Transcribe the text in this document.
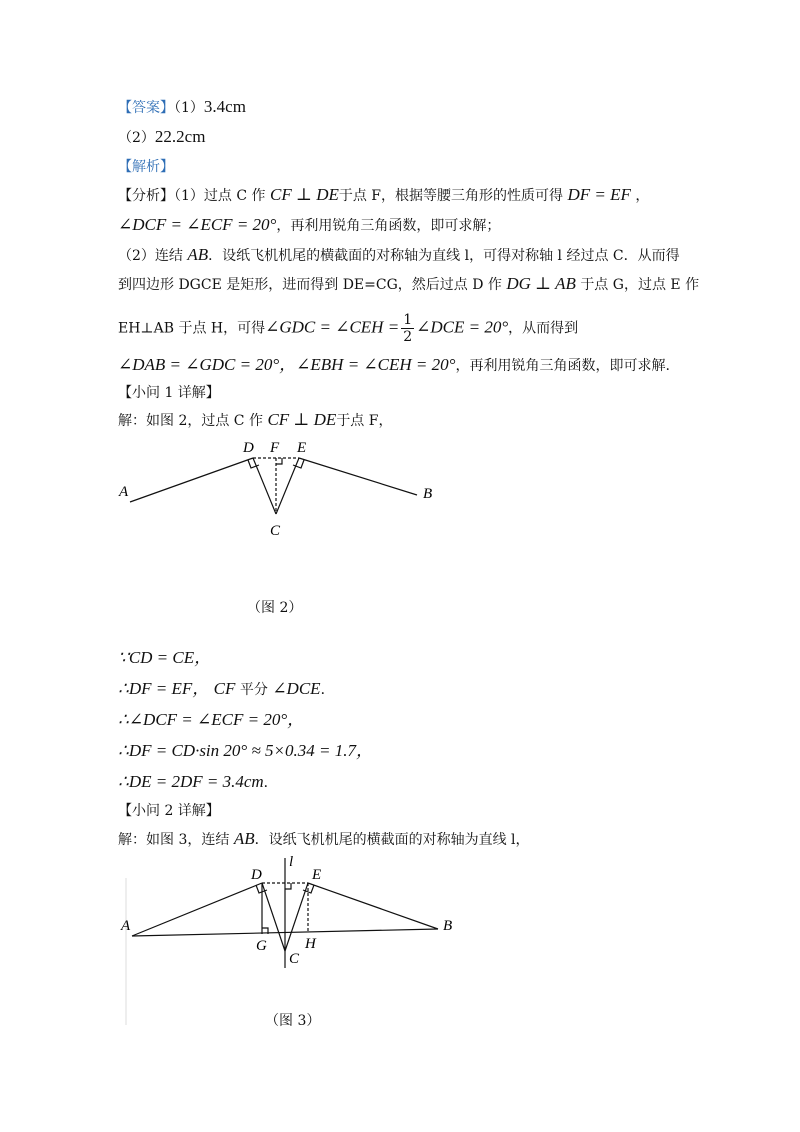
【答案】（1）3.4cm
（2）22.2cm
【解析】
【分析】（1）过点 C 作 CF ⊥ DE于点 F，根据等腰三角形的性质可得 DF = EF ，
∠DCF = ∠ECF = 20°，再利用锐角三角函数，即可求解；
（2）连结 AB．设纸飞机机尾的横截面的对称轴为直线 l，可得对称轴 l 经过点 C．从而得
到四边形 DGCE 是矩形，进而得到 DE=CG，然后过点 D 作 DG ⊥ AB 于点 G，过点 E 作
EH⊥AB 于点 H，可得∠GDC = ∠CEH = $\frac{1}{2}$ ∠DCE = 20°，从而得到
∠DAB = ∠GDC = 20°，∠EBH = ∠CEH = 20°，再利用锐角三角函数，即可求解.
【小问 1 详解】
解：如图 2，过点 C 作 CF ⊥ DE于点 F，
A	B
C
D F E
（图 2）
∵CD = CE，
∴DF = EF， CF 平分 ∠DCE．
∴∠DCF = ∠ECF = 20°，
∴DF = CD·sin 20° ≈ 5×0.34 = 1.7，
∴DE = 2DF = 3.4cm．
【小问 2 详解】
解：如图 3，连结 AB．设纸飞机机尾的横截面的对称轴为直线 l，
A	B
C
D	E
G	H
l
（图 3）
